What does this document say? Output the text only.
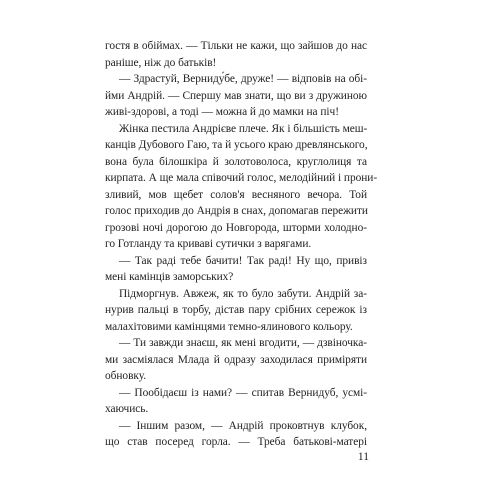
гостя в обіймах. — Тільки не кажи, що зайшов до нас
раніше, ніж до батьків!
— Здрастуй, Верниду́бе, друже! — відповів на обі-
йми Андрій. — Спершу мав знати, що ви з дружиною
живі-здорові, а тоді — можна й до мамки на піч!
Жінка пестила Андрієве плече. Як і більшість меш-
канців Дубового Гаю, та й усього краю древлянського,
вона була білошкіра й золотоволоса, круглолиця та
кирпата. А ще мала співочий голос, мелодійний і прони-
зливий, мов щебет солов'я весняного вечора. Той
голос приходив до Андрія в снах, допомагав пережити
грозові ночі дорогою до Новгорода, шторми холодно-
го Готланду та криваві сутички з варягами.
— Так раді тебе бачити! Так раді! Ну що, привіз
мені камінців заморських?
Підморгнув. Авжеж, як то було забути. Андрій за-
нурив пальці в торбу, дістав пару срібних сережок із
малахітовими камінцями темно-ялинового кольору.
— Ти завжди знаєш, як мені вгодити, — дзвіночка-
ми засміялася Млада й одразу заходилася приміряти
обновку.
— Пообідаєш із нами? — спитав Вернидуб, усмі-
хаючись.
— Іншим разом, — Андрій проковтнув клубок,
що став посеред горла. — Треба батькові-матері
11
